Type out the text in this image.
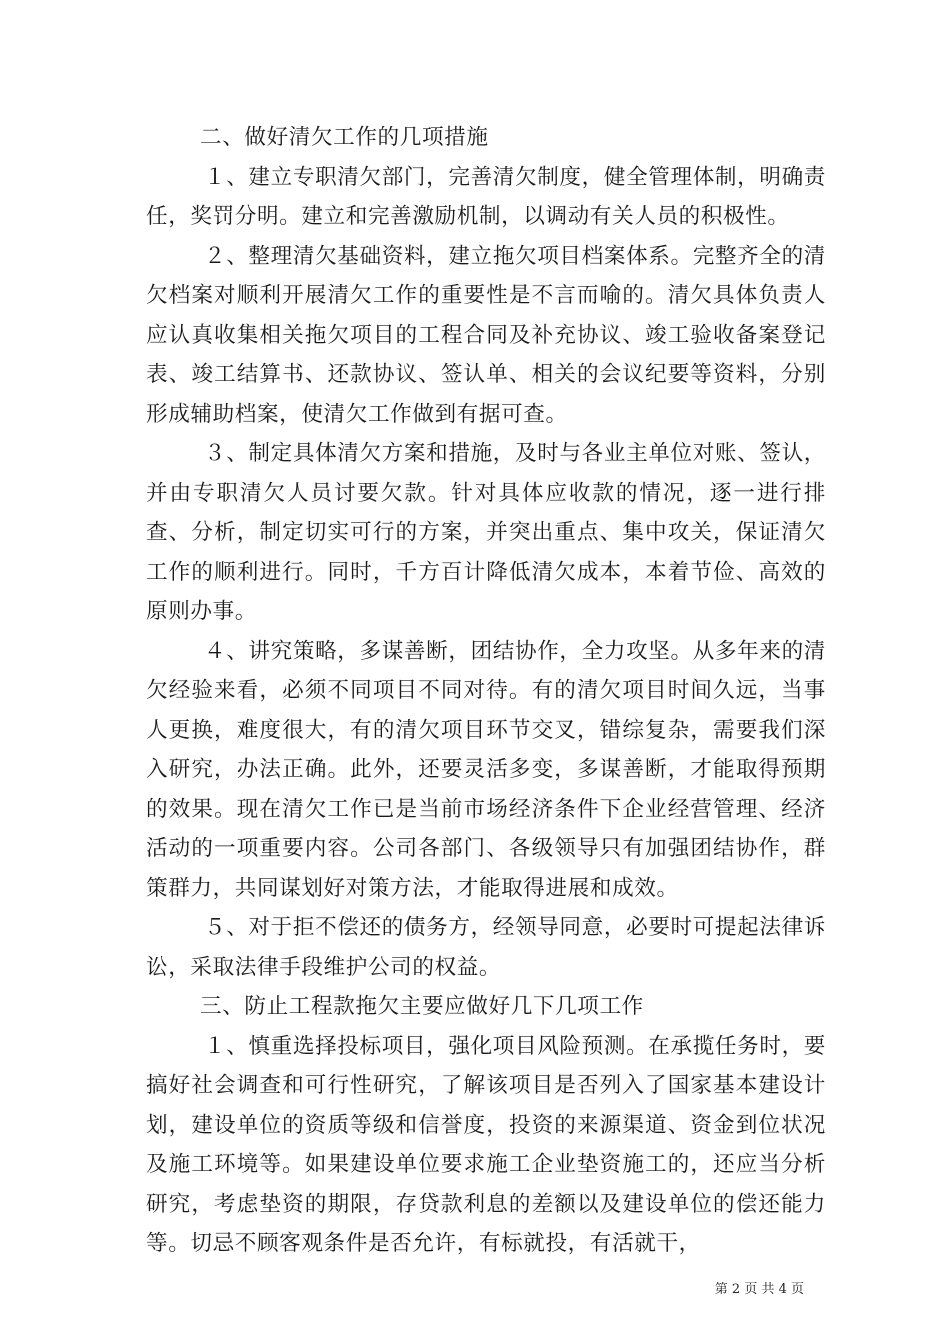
二、做好清欠工作的几项措施

１、建立专职清欠部门，完善清欠制度，健全管理体制，明确责任，奖罚分明。建立和完善激励机制，以调动有关人员的积极性。

２、整理清欠基础资料，建立拖欠项目档案体系。完整齐全的清欠档案对顺利开展清欠工作的重要性是不言而喻的。清欠具体负责人应认真收集相关拖欠项目的工程合同及补充协议、竣工验收备案登记表、竣工结算书、还款协议、签认单、相关的会议纪要等资料，分别形成辅助档案，使清欠工作做到有据可查。

３、制定具体清欠方案和措施，及时与各业主单位对账、签认，并由专职清欠人员讨要欠款。针对具体应收款的情况，逐一进行排查、分析，制定切实可行的方案，并突出重点、集中攻关，保证清欠工作的顺利进行。同时，千方百计降低清欠成本，本着节俭、高效的原则办事。

４、讲究策略，多谋善断，团结协作，全力攻坚。从多年来的清欠经验来看，必须不同项目不同对待。有的清欠项目时间久远，当事人更换，难度很大，有的清欠项目环节交叉，错综复杂，需要我们深入研究，办法正确。此外，还要灵活多变，多谋善断，才能取得预期的效果。现在清欠工作已是当前市场经济条件下企业经营管理、经济活动的一项重要内容。公司各部门、各级领导只有加强团结协作，群策群力，共同谋划好对策方法，才能取得进展和成效。

５、对于拒不偿还的债务方，经领导同意，必要时可提起法律诉讼，采取法律手段维护公司的权益。

三、防止工程款拖欠主要应做好几下几项工作

１、慎重选择投标项目，强化项目风险预测。在承揽任务时，要搞好社会调查和可行性研究，了解该项目是否列入了国家基本建设计划，建设单位的资质等级和信誉度，投资的来源渠道、资金到位状况及施工环境等。如果建设单位要求施工企业垫资施工的，还应当分析研究，考虑垫资的期限，存贷款利息的差额以及建设单位的偿还能力等。切忌不顾客观条件是否允许，有标就投，有活就干，

第 2 页 共 4 页
